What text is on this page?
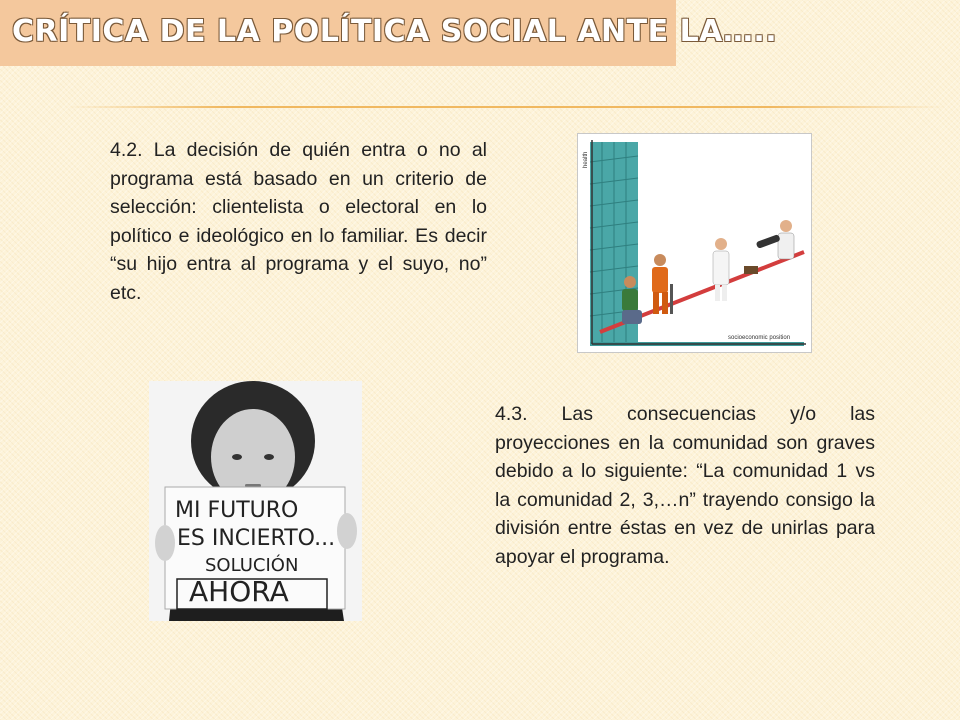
CRÍTICA DE LA POLÍTICA SOCIAL ANTE LA…..
4.2. La decisión de quién entra o no al programa está basado en un criterio de selección: clientelista o electoral en lo político e ideológico en lo familiar. Es decir “su hijo entra al programa y el suyo, no” etc.
health
socioeconomic position
MI FUTURO
ES INCIERTO...
SOLUCIÓN
AHORA
4.3. Las consecuencias y/o las proyecciones en la comunidad son graves debido a lo siguiente: “La comunidad 1 vs la comunidad 2, 3,…n” trayendo consigo la división entre éstas en vez de unirlas para apoyar el programa.
